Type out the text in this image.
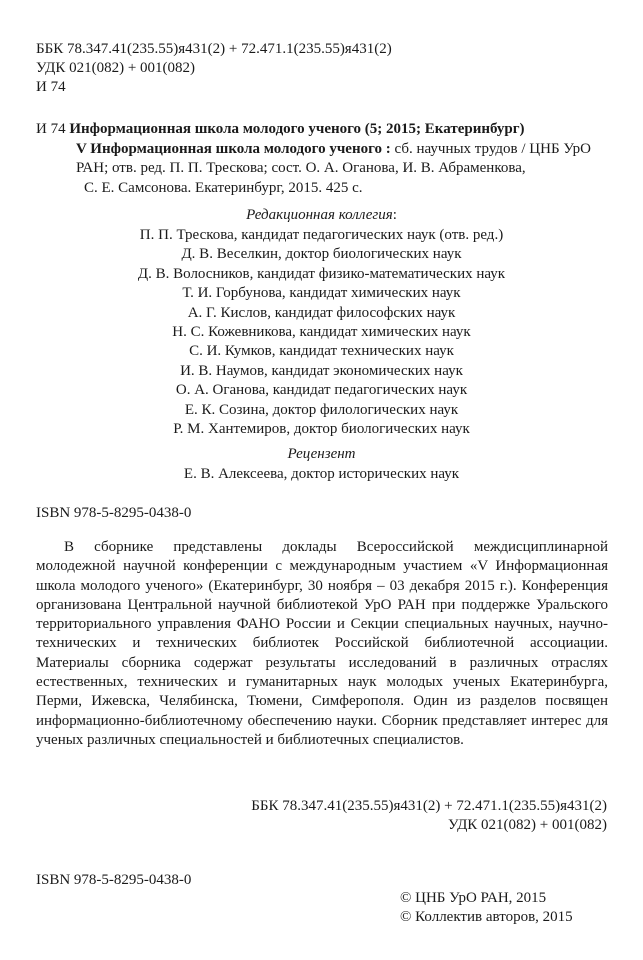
ББК 78.347.41(235.55)я431(2) + 72.471.1(235.55)я431(2)
УДК 021(082) + 001(082)
И 74
И 74 Информационная школа молодого ученого (5; 2015; Екатеринбург)
V Информационная школа молодого ученого : сб. научных трудов / ЦНБ УрО
РАН; отв. ред. П. П. Трескова; сост. О. А. Оганова, И. В. Абраменкова,
С. Е. Самсонова. Екатеринбург, 2015. 425 с.
Редакционная коллегия:
П. П. Трескова, кандидат педагогических наук (отв. ред.)
Д. В. Веселкин, доктор биологических наук
Д. В. Волосников, кандидат физико-математических наук
Т. И. Горбунова, кандидат химических наук
А. Г. Кислов, кандидат философских наук
Н. С. Кожевникова, кандидат химических наук
С. И. Кумков, кандидат технических наук
И. В. Наумов, кандидат экономических наук
О. А. Оганова, кандидат педагогических наук
Е. К. Созина, доктор филологических наук
Р. М. Хантемиров, доктор биологических наук
Рецензент
Е. В. Алексеева, доктор исторических наук
ISBN 978-5-8295-0438-0

В сборнике представлены доклады Всероссийской междисциплинарной молодежной научной конференции с международным участием «V Информационная школа молодого ученого» (Екатеринбург, 30 ноября – 03 декабря 2015 г.). Конференция организована Центральной научной библиотекой УрО РАН при поддержке Уральского территориального управления ФАНО России и Секции специальных научных, научно-технических и технических библиотек Российской библиотечной ассоциации. Материалы сборника содержат результаты исследований в различных отраслях естественных, технических и гуманитарных наук молодых ученых Екатеринбурга, Перми, Ижевска, Челябинска, Тюмени, Симферополя. Один из разделов посвящен информационно-библиотечному обеспечению науки. Сборник представляет интерес для ученых различных специальностей и библиотечных специалистов.

ББК 78.347.41(235.55)я431(2) + 72.471.1(235.55)я431(2)
УДК 021(082) + 001(082)
ISBN 978-5-8295-0438-0
© ЦНБ УрО РАН, 2015
© Коллектив авторов, 2015
